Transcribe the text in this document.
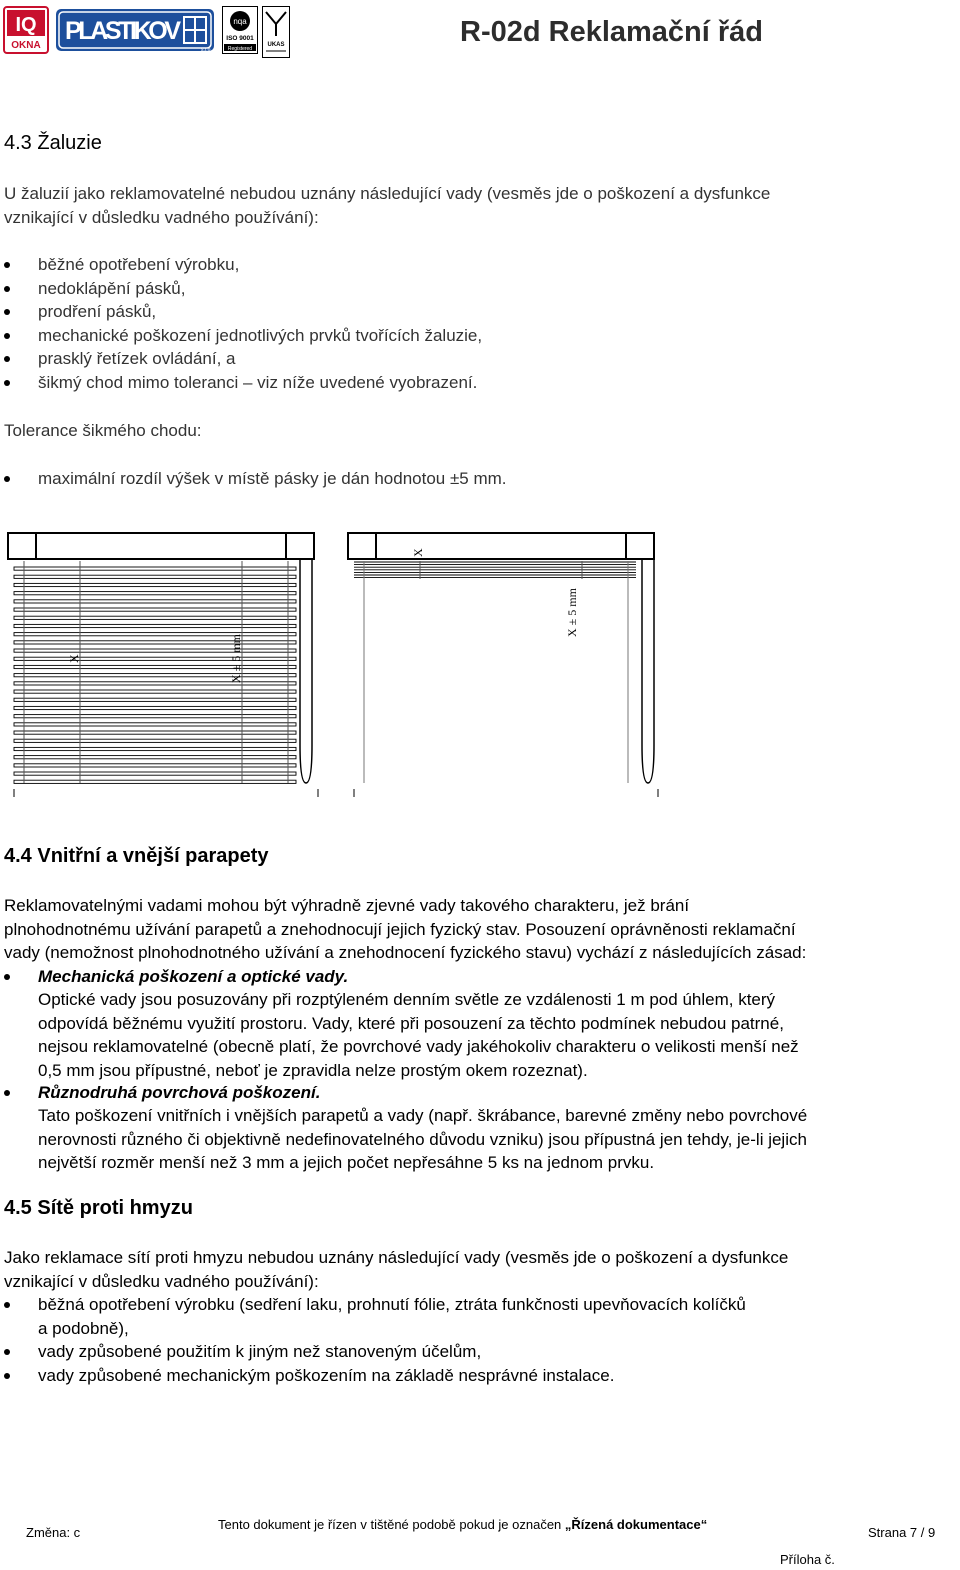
IQ
OKNA
PLASTIKOV
s.r.o.
nqa
ISO 9001
Registered
UKAS	R-02d Reklamační řád
4.3 Žaluzie
U žaluzií jako reklamovatelné nebudou uznány následující vady (vesměs jde o poškození a dysfunkce
vznikající v důsledku vadného používání):
běžné opotřebení výrobku,
nedoklápění pásků,
prodření pásků,
mechanické poškození jednotlivých prvků tvořících žaluzie,
prasklý řetízek ovládání, a
šikmý chod mimo toleranci – viz níže uvedené vyobrazení.
Tolerance šikmého chodu:
maximální rozdíl výšek v místě pásky je dán hodnotou ±5 mm.
X	X ± 5 mm
X
X ± 5 mm
4.4 Vnitřní a vnější parapety
Reklamovatelnými vadami mohou být výhradně zjevné vady takového charakteru, jež brání
plnohodnotnému užívání parapetů a znehodnocují jejich fyzický stav. Posouzení oprávněnosti reklamační
vady (nemožnost plnohodnotného užívání a znehodnocení fyzického stavu) vychází z následujících zásad:
Mechanická poškození a optické vady.
Optické vady jsou posuzovány při rozptýleném denním světle ze vzdálenosti 1 m pod úhlem, který
odpovídá běžnému využití prostoru. Vady, které při posouzení za těchto podmínek nebudou patrné,
nejsou reklamovatelné (obecně platí, že povrchové vady jakéhokoliv charakteru o velikosti menší než
0,5 mm jsou přípustné, neboť je zpravidla nelze prostým okem rozeznat).
Různodruhá povrchová poškození.
Tato poškození vnitřních i vnějších parapetů a vady (např. škrábance, barevné změny nebo povrchové
nerovnosti různého či objektivně nedefinovatelného důvodu vzniku) jsou přípustná jen tehdy, je-li jejich
největší rozměr menší než 3 mm a jejich počet nepřesáhne 5 ks na jednom prvku.
4.5 Sítě proti hmyzu
Jako reklamace sítí proti hmyzu nebudou uznány následující vady (vesměs jde o poškození a dysfunkce
vznikající v důsledku vadného používání):
běžná opotřebení výrobku (sedření laku, prohnutí fólie, ztráta funkčnosti upevňovacích kolíčků
a podobně),
vady způsobené použitím k jiným než stanoveným účelům,
vady způsobené mechanickým poškozením na základě nesprávné instalace.
Změna: c
Tento dokument je řízen v tištěné podobě pokud je označen „Řízená dokumentace“
Strana 7 / 9
Příloha č.
